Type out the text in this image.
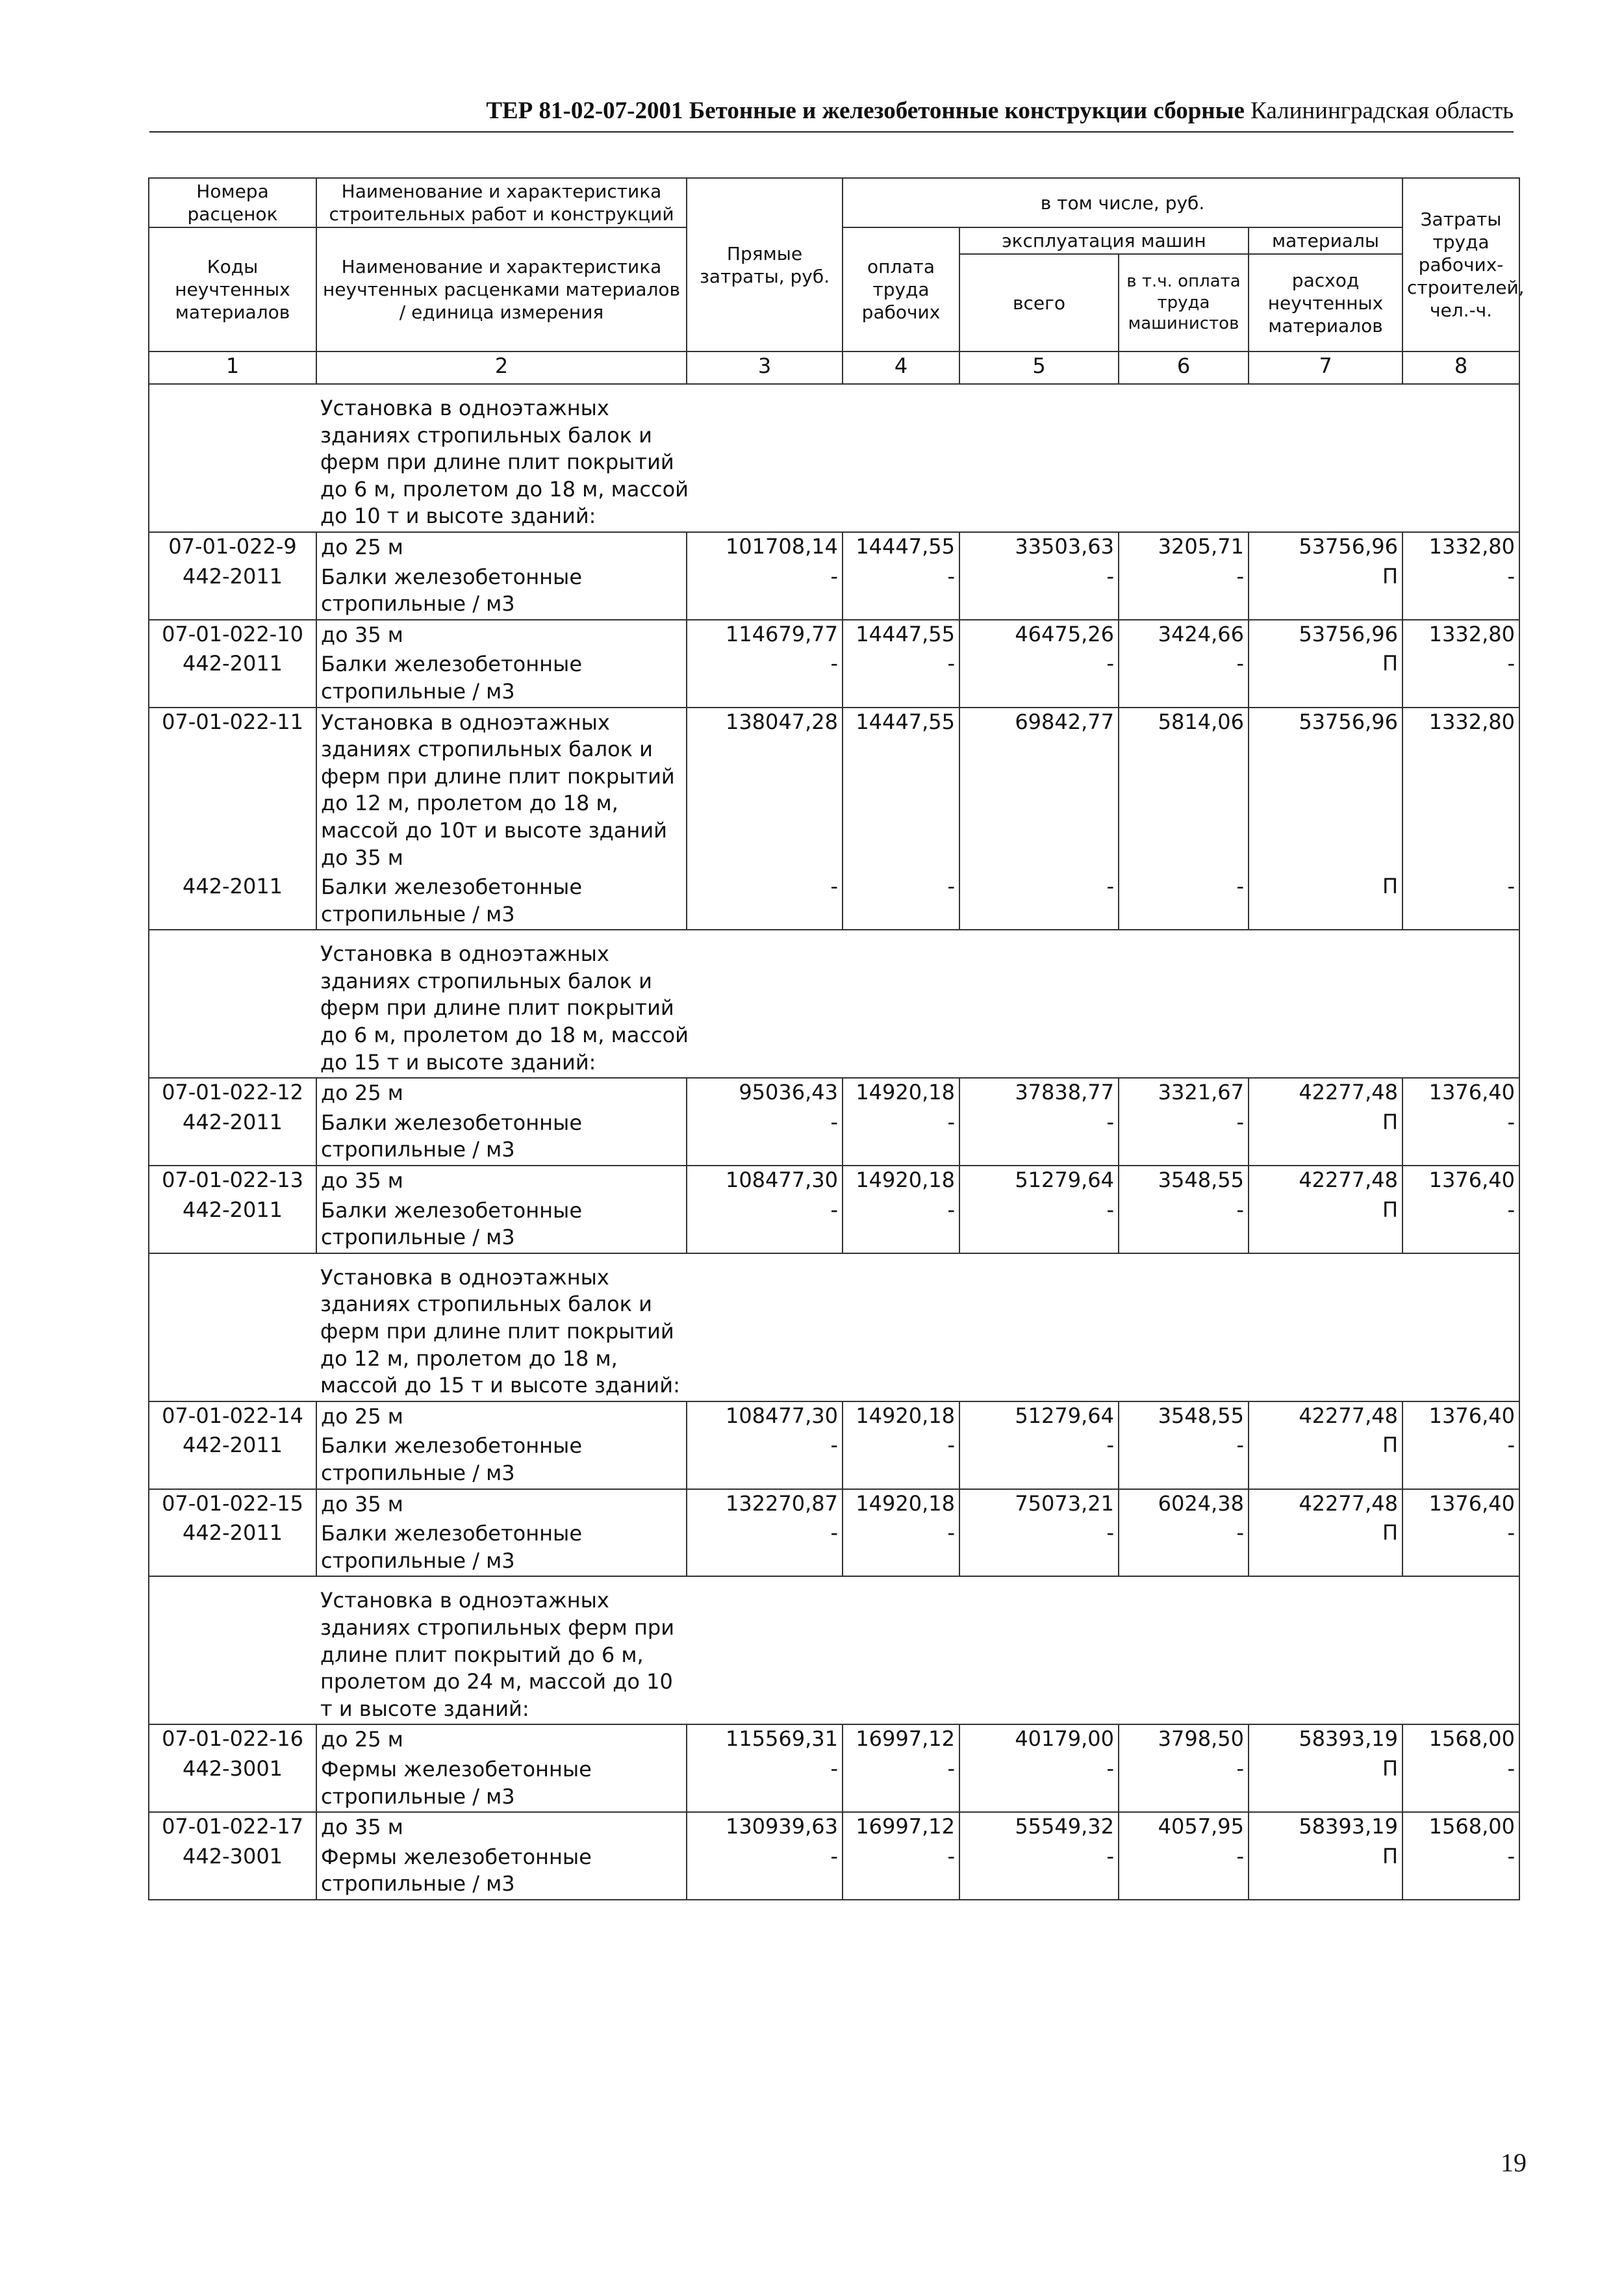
ТЕР 81-02-07-2001 Бетонные и железобетонные конструкции сборные Калининградская область
Номера расценок	Наименование и характеристика строительных работ и конструкций	Прямые затраты, руб.	в том числе, руб.				Затраты труда рабочих-строителей, чел.-ч.
Коды неучтенных материалов	Наименование и характеристика неучтенных расценками материалов / единица измерения		оплата труда рабочих	эксплуатация машин		материалы	
				всего	в т.ч. оплата труда машинистов	расход неучтенных материалов	
1	2	3	4	5	6	7	8

	Установка в одноэтажных зданиях стропильных балок и ферм при длине плит покрытий до 6 м, пролетом до 18 м, массой до 10 т и высоте зданий:						

07-01-022-9	до 25 м	101708,14	14447,55	33503,63	3205,71	53756,96	1332,80
442-2011	Балки железобетонные стропильные / м3	-	-	-	-	П	-
07-01-022-10	до 35 м	114679,77	14447,55	46475,26	3424,66	53756,96	1332,80
442-2011	Балки железобетонные стропильные / м3	-	-	-	-	П	-
07-01-022-11	Установка в одноэтажных зданиях стропильных балок и ферм при длине плит покрытий до 12 м, пролетом до 18 м, массой до 10т и высоте зданий до 35 м	138047,28	14447,55	69842,77	5814,06	53756,96	1332,80
442-2011	Балки железобетонные стропильные / м3	-	-	-	-	П	-

	Установка в одноэтажных зданиях стропильных балок и ферм при длине плит покрытий до 6 м, пролетом до 18 м, массой до 15 т и высоте зданий:						

07-01-022-12	до 25 м	95036,43	14920,18	37838,77	3321,67	42277,48	1376,40
442-2011	Балки железобетонные стропильные / м3	-	-	-	-	П	-
07-01-022-13	до 35 м	108477,30	14920,18	51279,64	3548,55	42277,48	1376,40
442-2011	Балки железобетонные стропильные / м3	-	-	-	-	П	-

	Установка в одноэтажных зданиях стропильных балок и ферм при длине плит покрытий до 12 м, пролетом до 18 м, массой до 15 т и высоте зданий:						

07-01-022-14	до 25 м	108477,30	14920,18	51279,64	3548,55	42277,48	1376,40
442-2011	Балки железобетонные стропильные / м3	-	-	-	-	П	-
07-01-022-15	до 35 м	132270,87	14920,18	75073,21	6024,38	42277,48	1376,40
442-2011	Балки железобетонные стропильные / м3	-	-	-	-	П	-

	Установка в одноэтажных зданиях стропильных ферм при длине плит покрытий до 6 м, пролетом до 24 м, массой до 10 т и высоте зданий:						

07-01-022-16	до 25 м	115569,31	16997,12	40179,00	3798,50	58393,19	1568,00
442-3001	Фермы железобетонные стропильные / м3	-	-	-	-	П	-
07-01-022-17	до 35 м	130939,63	16997,12	55549,32	4057,95	58393,19	1568,00
442-3001	Фермы железобетонные стропильные / м3	-	-	-	-	П	-
19
